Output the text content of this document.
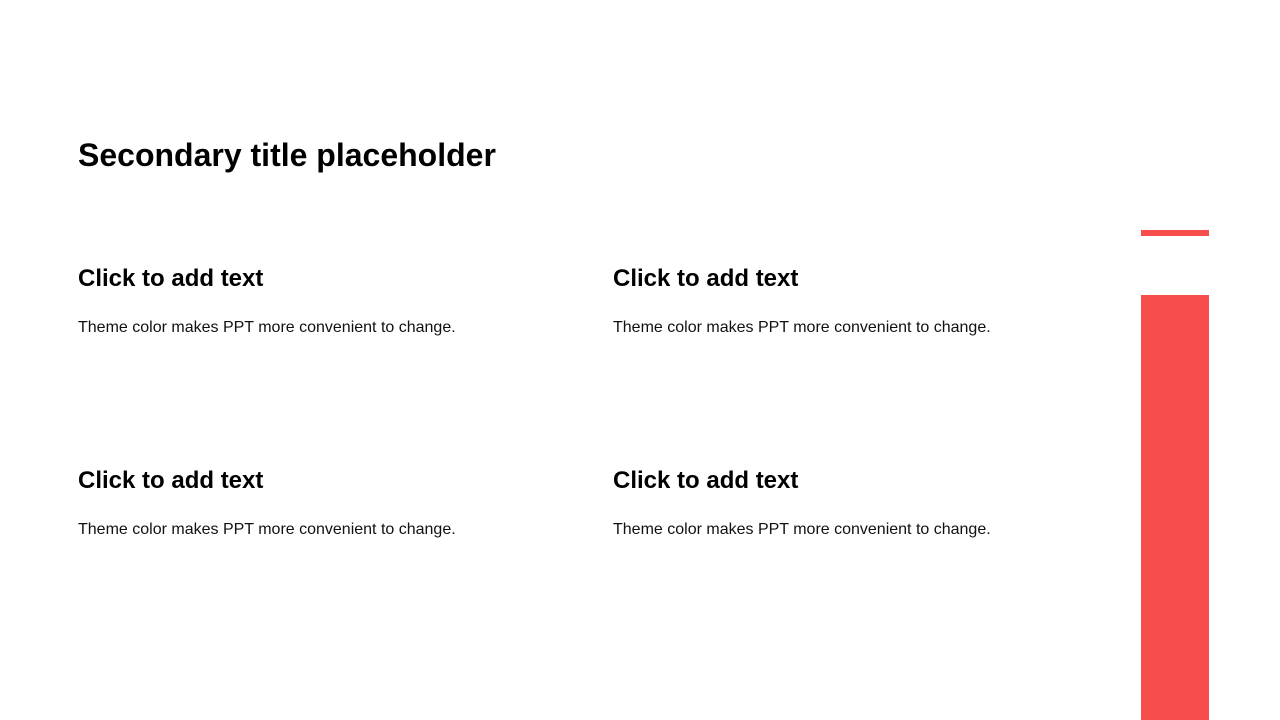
Secondary title placeholder
Click to add text

Theme color makes PPT more convenient to change.

Click to add text

Theme color makes PPT more convenient to change.

Click to add text

Theme color makes PPT more convenient to change.

Click to add text

Theme color makes PPT more convenient to change.
